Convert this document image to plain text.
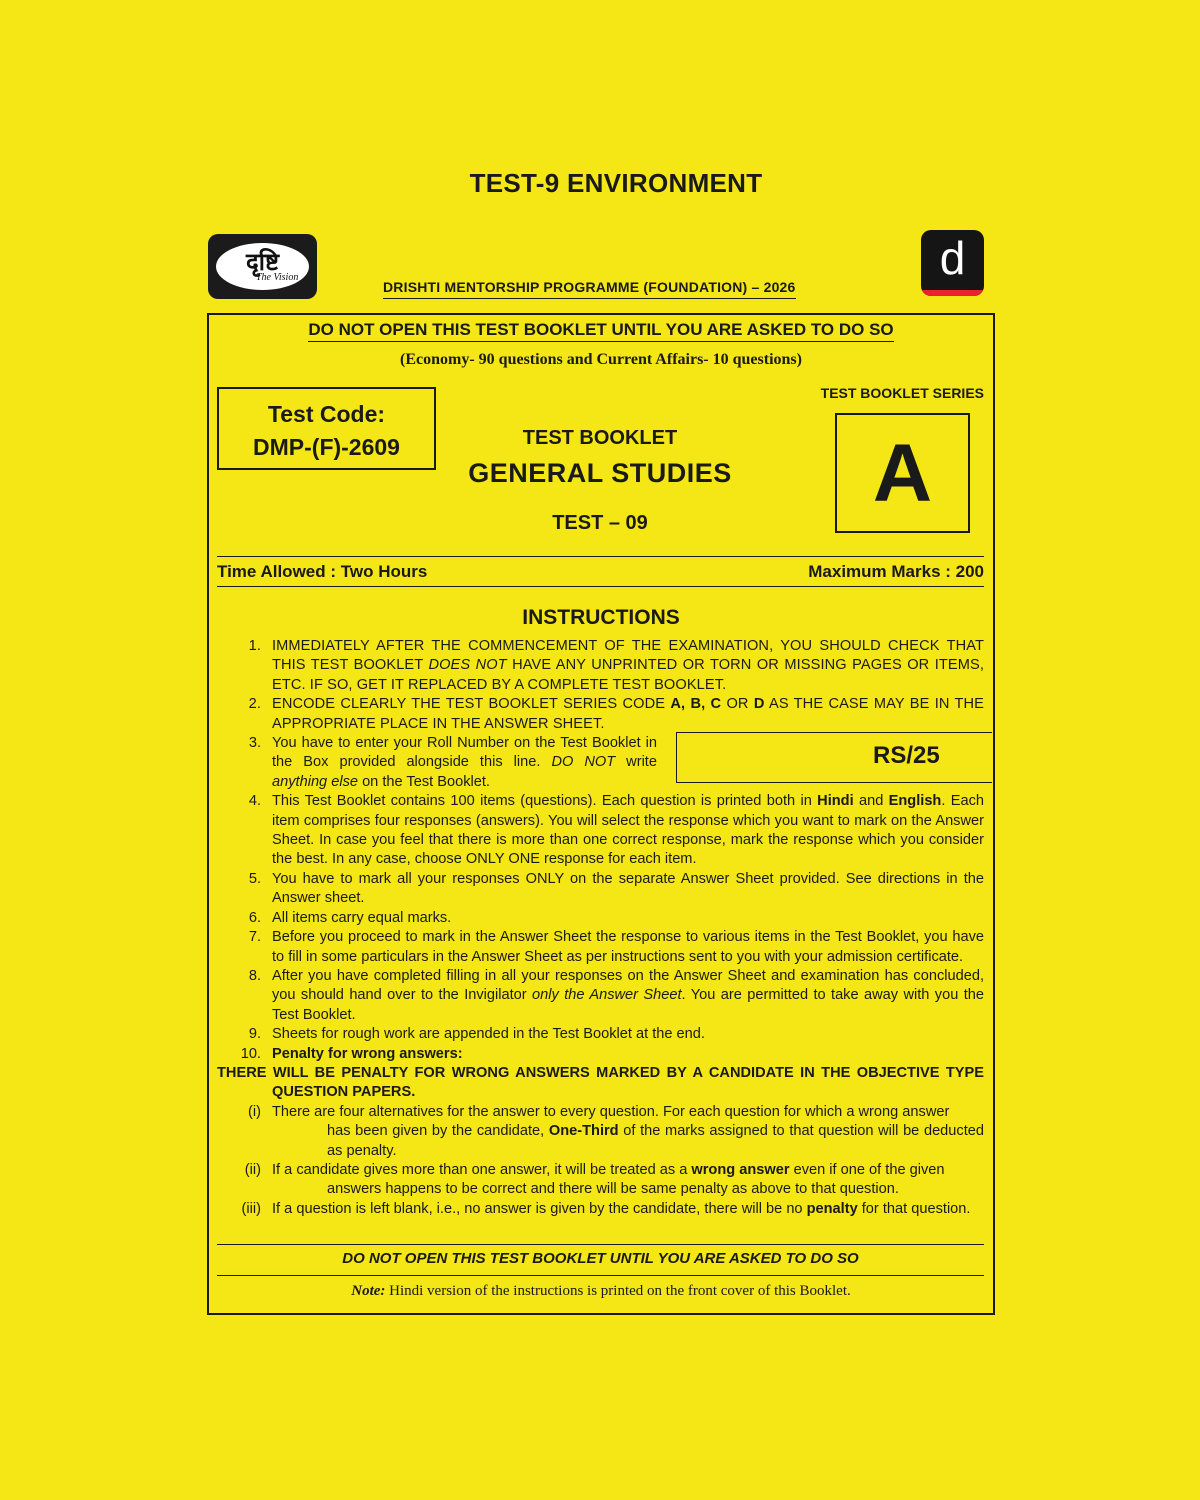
TEST-9 ENVIRONMENT
दृष्टि
The Vision	d
DRISHTI MENTORSHIP PROGRAMME (FOUNDATION) – 2026
DO NOT OPEN THIS TEST BOOKLET UNTIL YOU ARE ASKED TO DO SO
(Economy- 90 questions and Current Affairs- 10 questions)
Test Code:
DMP-(F)-2609	TEST BOOKLET
GENERAL STUDIES
TEST – 09
TEST BOOKLET SERIES
A
Time Allowed : Two Hours	Maximum Marks : 200
INSTRUCTIONS
RS/25
1. IMMEDIATELY AFTER THE COMMENCEMENT OF THE EXAMINATION, YOU SHOULD CHECK THAT THIS TEST BOOKLET DOES NOT HAVE ANY UNPRINTED OR TORN OR MISSING PAGES OR ITEMS, ETC. IF SO, GET IT REPLACED BY A COMPLETE TEST BOOKLET.
2. ENCODE CLEARLY THE TEST BOOKLET SERIES CODE A, B, C OR D AS THE CASE MAY BE IN THE APPROPRIATE PLACE IN THE ANSWER SHEET.
3. You have to enter your Roll Number on the Test Booklet in the Box provided alongside this line. DO NOT write anything else on the Test Booklet.
4. This Test Booklet contains 100 items (questions). Each question is printed both in Hindi and English. Each item comprises four responses (answers). You will select the response which you want to mark on the Answer Sheet. In case you feel that there is more than one correct response, mark the response which you consider the best. In any case, choose ONLY ONE response for each item.
5. You have to mark all your responses ONLY on the separate Answer Sheet provided. See directions in the Answer sheet.
6. All items carry equal marks.
7. Before you proceed to mark in the Answer Sheet the response to various items in the Test Booklet, you have to fill in some particulars in the Answer Sheet as per instructions sent to you with your admission certificate.
8. After you have completed filling in all your responses on the Answer Sheet and examination has concluded, you should hand over to the Invigilator only the Answer Sheet. You are permitted to take away with you the Test Booklet.
9. Sheets for rough work are appended in the Test Booklet at the end.
10. Penalty for wrong answers:
THERE WILL BE PENALTY FOR WRONG ANSWERS MARKED BY A CANDIDATE IN THE OBJECTIVE TYPE QUESTION PAPERS.
(i) There are four alternatives for the answer to every question. For each question for which a wrong answer
has been given by the candidate, One-Third of the marks assigned to that question will be deducted as penalty.
(ii) If a candidate gives more than one answer, it will be treated as a wrong answer even if one of the given
answers happens to be correct and there will be same penalty as above to that question.
(iii) If a question is left blank, i.e., no answer is given by the candidate, there will be no penalty for that question.
DO NOT OPEN THIS TEST BOOKLET UNTIL YOU ARE ASKED TO DO SO
Note: Hindi version of the instructions is printed on the front cover of this Booklet.
